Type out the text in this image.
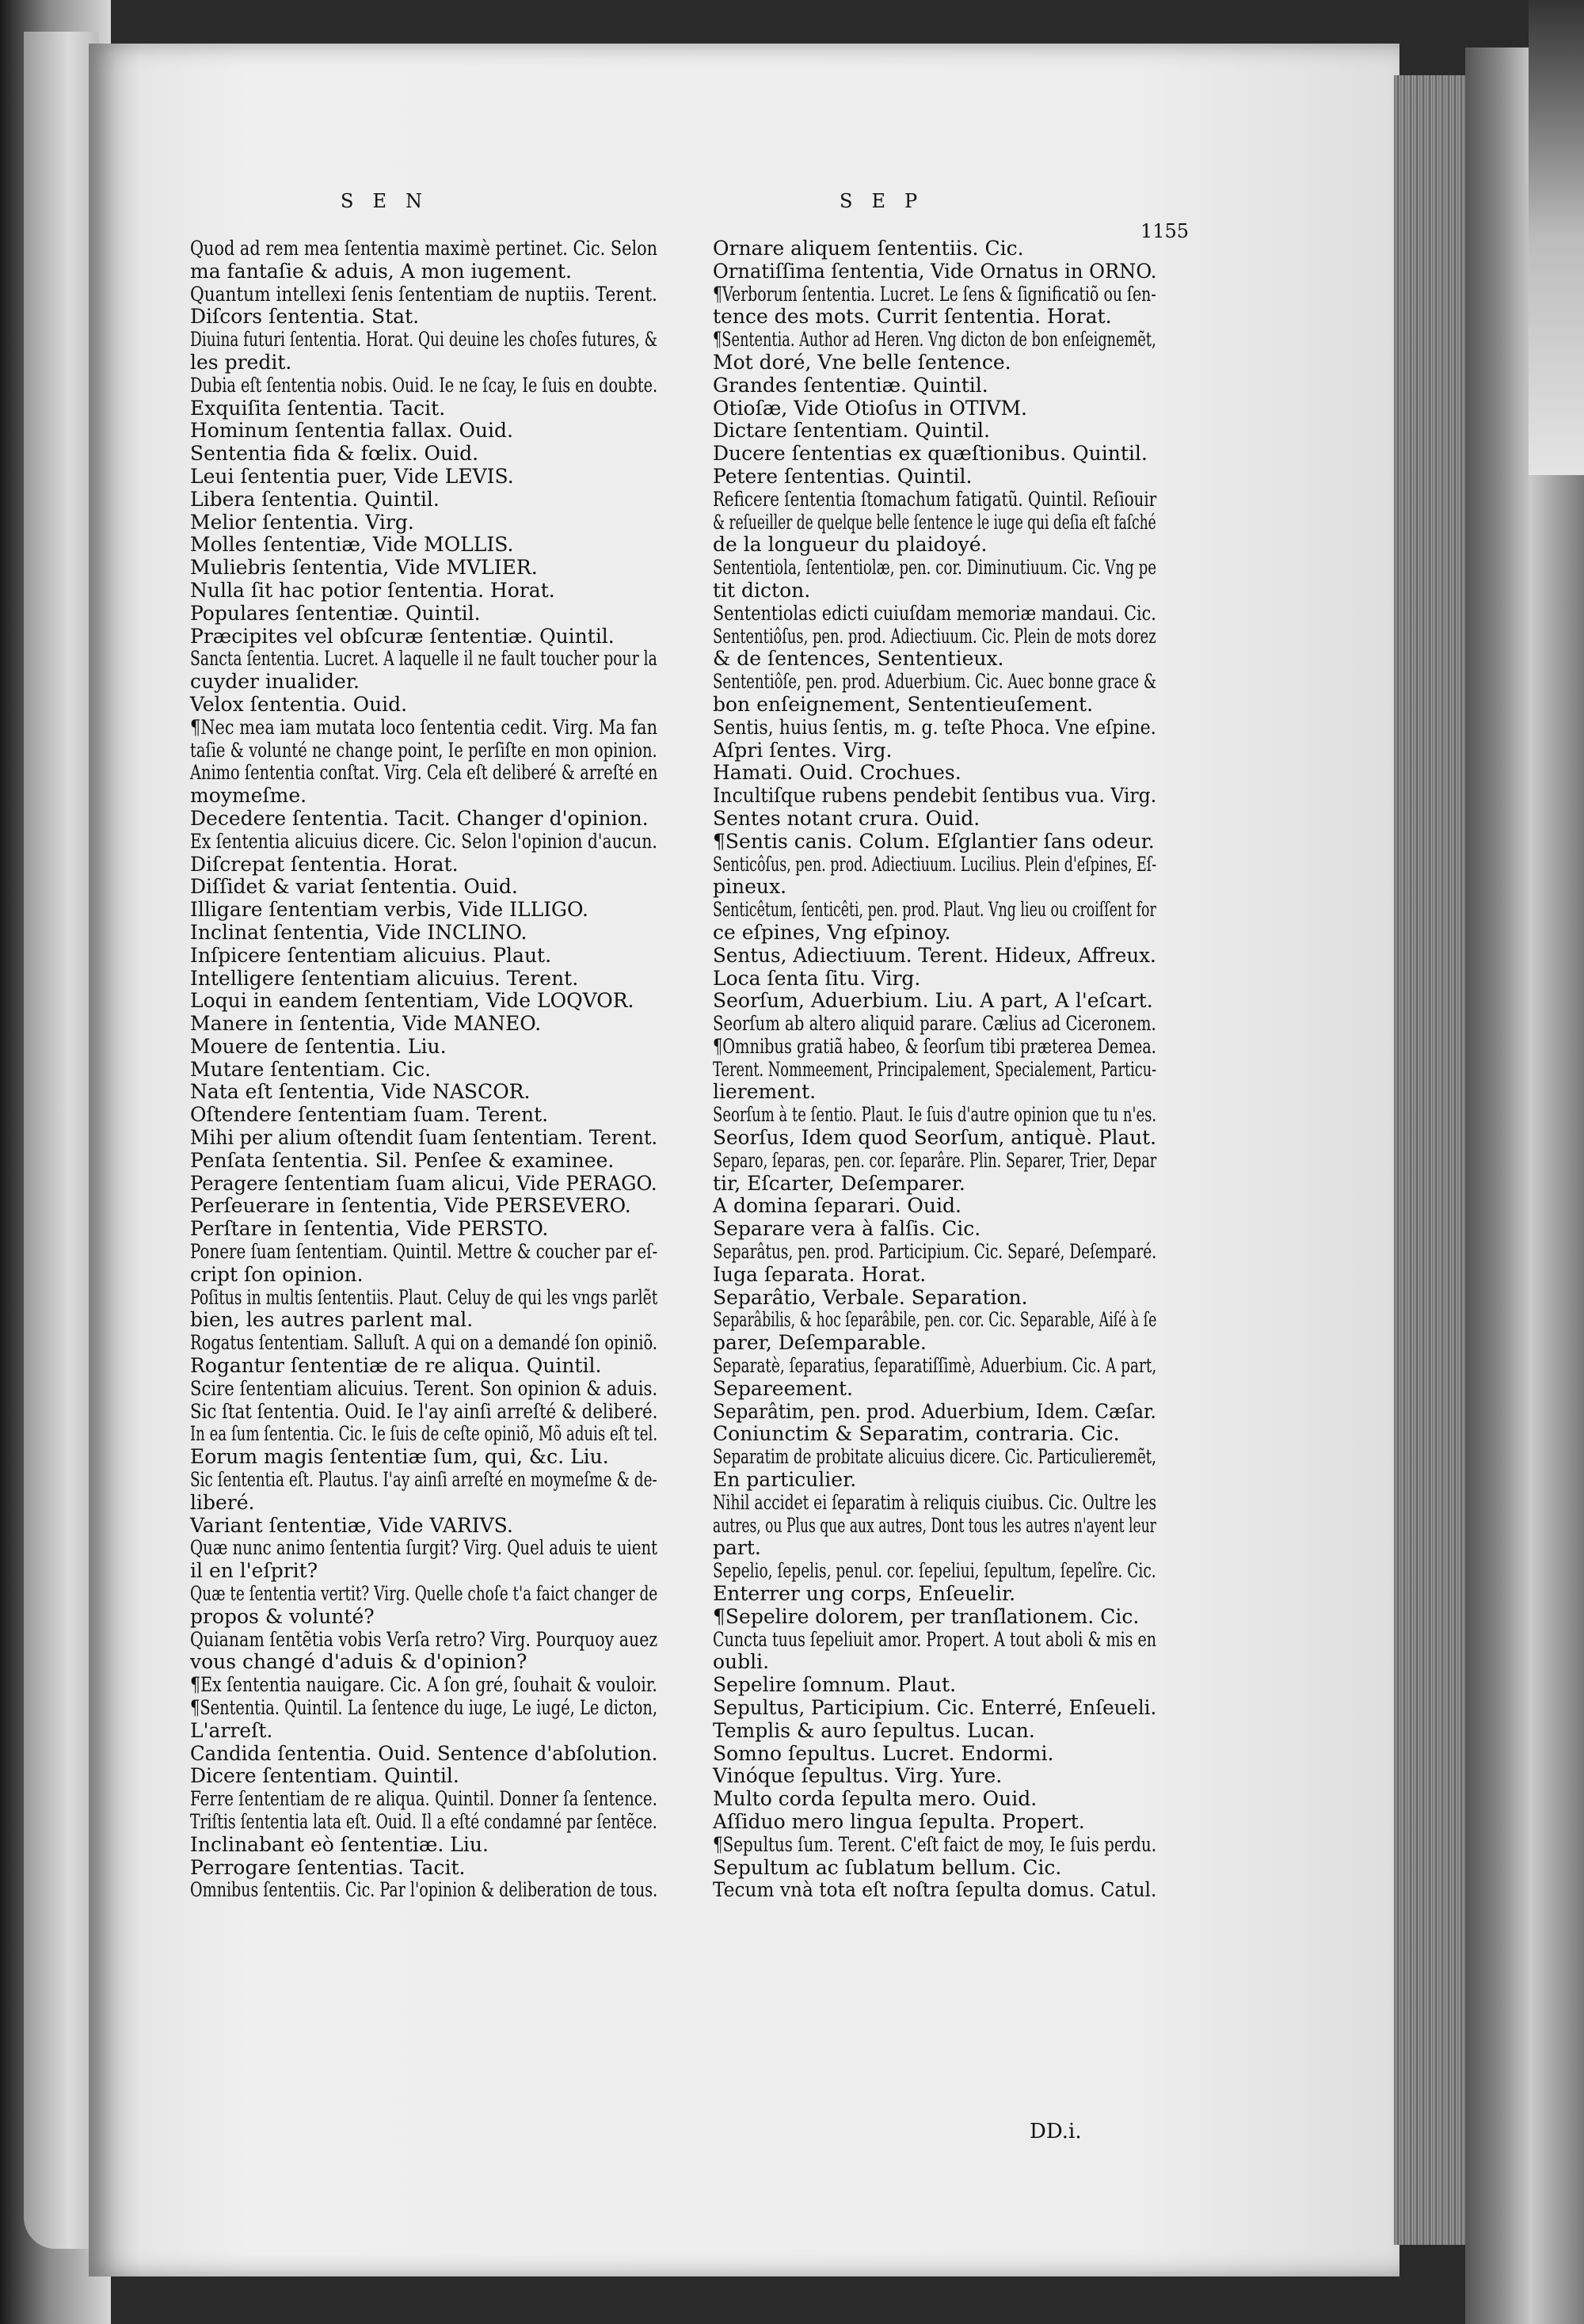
SEN	SEP
1155
Quod ad rem mea ſententia maximè pertinet. Cic. Selon
ma fantaſie & aduis, A mon iugement.
Quantum intellexi ſenis ſententiam de nuptiis. Terent.
Diſcors ſententia. Stat.
Diuina futuri ſententia. Horat. Qui deuine les choſes futures, &
les predit.
Dubia eſt ſententia nobis. Ouid. Ie ne ſcay, Ie ſuis en doubte.
Exquiſita ſententia. Tacit.
Hominum ſententia fallax. Ouid.
Sententia fida & fœlix. Ouid.
Leui ſententia puer, Vide LEVIS.
Libera ſententia. Quintil.
Melior ſententia. Virg.
Molles ſententiæ, Vide MOLLIS.
Muliebris ſententia, Vide MVLIER.
Nulla ſit hac potior ſententia. Horat.
Populares ſententiæ. Quintil.
Præcipites vel obſcuræ ſententiæ. Quintil.
Sancta ſententia. Lucret. A laquelle il ne fault toucher pour la
cuyder inualider.
Velox ſententia. Ouid.
¶Nec mea iam mutata loco ſententia cedit. Virg. Ma fan
taſie & volunté ne change point, Ie perſiſte en mon opinion.
Animo ſententia conſtat. Virg. Cela eſt deliberé & arreſté en
moymeſme.
Decedere ſententia. Tacit. Changer d'opinion.
Ex ſententia alicuius dicere. Cic. Selon l'opinion d'aucun.
Diſcrepat ſententia. Horat.
Diſſidet & variat ſententia. Ouid.
Illigare ſententiam verbis, Vide ILLIGO.
Inclinat ſententia, Vide INCLINO.
Inſpicere ſententiam alicuius. Plaut.
Intelligere ſententiam alicuius. Terent.
Loqui in eandem ſententiam, Vide LOQVOR.
Manere in ſententia, Vide MANEO.
Mouere de ſententia. Liu.
Mutare ſententiam. Cic.
Nata eſt ſententia, Vide NASCOR.
Oſtendere ſententiam ſuam. Terent.
Mihi per alium oſtendit ſuam ſententiam. Terent.
Penſata ſententia. Sil. Penſee & examinee.
Peragere ſententiam ſuam alicui, Vide PERAGO.
Perſeuerare in ſententia, Vide PERSEVERO.
Perſtare in ſententia, Vide PERSTO.
Ponere ſuam ſententiam. Quintil. Mettre & coucher par eſ-
cript ſon opinion.
Poſitus in multis ſententiis. Plaut. Celuy de qui les vngs parlẽt
bien, les autres parlent mal.
Rogatus ſententiam. Salluſt. A qui on a demandé ſon opiniõ.
Rogantur ſententiæ de re aliqua. Quintil.
Scire ſententiam alicuius. Terent. Son opinion & aduis.
Sic ſtat ſententia. Ouid. Ie l'ay ainſi arreſté & deliberé.
In ea ſum ſententia. Cic. Ie ſuis de ceſte opiniõ, Mõ aduis eſt tel.
Eorum magis ſententiæ ſum, qui, &c. Liu.
Sic ſententia eſt. Plautus. I'ay ainſi arreſté en moymeſme & de-
liberé.
Variant ſententiæ, Vide VARIVS.
Quæ nunc animo ſententia ſurgit? Virg. Quel aduis te uient
il en l'eſprit?
Quæ te ſententia vertit? Virg. Quelle choſe t'a faict changer de
propos & volunté?
Quianam ſentẽtia vobis Verſa retro? Virg. Pourquoy auez
vous changé d'aduis & d'opinion?
¶Ex ſententia nauigare. Cic. A ſon gré, ſouhait & vouloir.
¶Sententia. Quintil. La ſentence du iuge, Le iugé, Le dicton,
L'arreſt.
Candida ſententia. Ouid. Sentence d'abſolution.
Dicere ſententiam. Quintil.
Ferre ſententiam de re aliqua. Quintil. Donner ſa ſentence.
Triſtis ſententia lata eſt. Ouid. Il a eſté condamné par ſentẽce.
Inclinabant eò ſententiæ. Liu.
Perrogare ſententias. Tacit.
Omnibus ſententiis. Cic. Par l'opinion & deliberation de tous.
Ornare aliquem ſententiis. Cic.
Ornatiſſima ſententia, Vide Ornatus in ORNO.
¶Verborum ſententia. Lucret. Le ſens & ſignificatiõ ou ſen-
tence des mots. Currit ſententia. Horat.
¶Sententia. Author ad Heren. Vng dicton de bon enſeignemẽt,
Mot doré, Vne belle ſentence.
Grandes ſententiæ. Quintil.
Otioſæ, Vide Otioſus in OTIVM.
Dictare ſententiam. Quintil.
Ducere ſententias ex quæſtionibus. Quintil.
Petere ſententias. Quintil.
Reficere ſententia ſtomachum fatigatũ. Quintil. Reſiouir
& reſueiller de quelque belle ſentence le iuge qui deſia eſt faſché
de la longueur du plaidoyé.
Sententiola, ſententiolæ, pen. cor. Diminutiuum. Cic. Vng pe
tit dicton.
Sententiolas edicti cuiuſdam memoriæ mandaui. Cic.
Sententiôſus, pen. prod. Adiectiuum. Cic. Plein de mots dorez
& de ſentences, Sententieux.
Sententiôſe, pen. prod. Aduerbium. Cic. Auec bonne grace &
bon enſeignement, Sententieuſement.
Sentis, huius ſentis, m. g. teſte Phoca. Vne eſpine.
Aſpri ſentes. Virg.
Hamati. Ouid. Crochues.
Incultiſque rubens pendebit ſentibus vua. Virg.
Sentes notant crura. Ouid.
¶Sentis canis. Colum. Eſglantier ſans odeur.
Senticôſus, pen. prod. Adiectiuum. Lucilius. Plein d'eſpines, Eſ-
pineux.
Senticêtum, ſenticêti, pen. prod. Plaut. Vng lieu ou croiſſent for
ce eſpines, Vng eſpinoy.
Sentus, Adiectiuum. Terent. Hideux, Affreux.
Loca ſenta ſitu. Virg.
Seorſum, Aduerbium. Liu. A part, A l'eſcart.
Seorſum ab altero aliquid parare. Cælius ad Ciceronem.
¶Omnibus gratiã habeo, & ſeorſum tibi præterea Demea.
Terent. Nommeement, Principalement, Specialement, Particu-
lierement.
Seorſum à te ſentio. Plaut. Ie ſuis d'autre opinion que tu n'es.
Seorſus, Idem quod Seorſum, antiquè. Plaut.
Separo, ſeparas, pen. cor. ſeparâre. Plin. Separer, Trier, Depar
tir, Eſcarter, Deſemparer.
A domina ſeparari. Ouid.
Separare vera à falſis. Cic.
Separâtus, pen. prod. Participium. Cic. Separé, Deſemparé.
Iuga ſeparata. Horat.
Separâtio, Verbale. Separation.
Separâbilis, & hoc ſeparâbile, pen. cor. Cic. Separable, Aiſé à ſe
parer, Deſemparable.
Separatè, ſeparatius, ſeparatiſſimè, Aduerbium. Cic. A part,
Separeement.
Separâtim, pen. prod. Aduerbium, Idem. Cæſar.
Coniunctim & Separatim, contraria. Cic.
Separatim de probitate alicuius dicere. Cic. Particulieremẽt,
En particulier.
Nihil accidet ei ſeparatim à reliquis ciuibus. Cic. Oultre les
autres, ou Plus que aux autres, Dont tous les autres n'ayent leur
part.
Sepelio, ſepelis, penul. cor. ſepeliui, ſepultum, ſepelîre. Cic.
Enterrer ung corps, Enſeuelir.
¶Sepelire dolorem, per tranſlationem. Cic.
Cuncta tuus ſepeliuit amor. Propert. A tout aboli & mis en
oubli.
Sepelire ſomnum. Plaut.
Sepultus, Participium. Cic. Enterré, Enſeueli.
Templis & auro ſepultus. Lucan.
Somno ſepultus. Lucret. Endormi.
Vinóque ſepultus. Virg. Yure.
Multo corda ſepulta mero. Ouid.
Aſſiduo mero lingua ſepulta. Propert.
¶Sepultus ſum. Terent. C'eſt faict de moy, Ie ſuis perdu.
Sepultum ac ſublatum bellum. Cic.
Tecum vnà tota eſt noſtra ſepulta domus. Catul.
DD.i.
